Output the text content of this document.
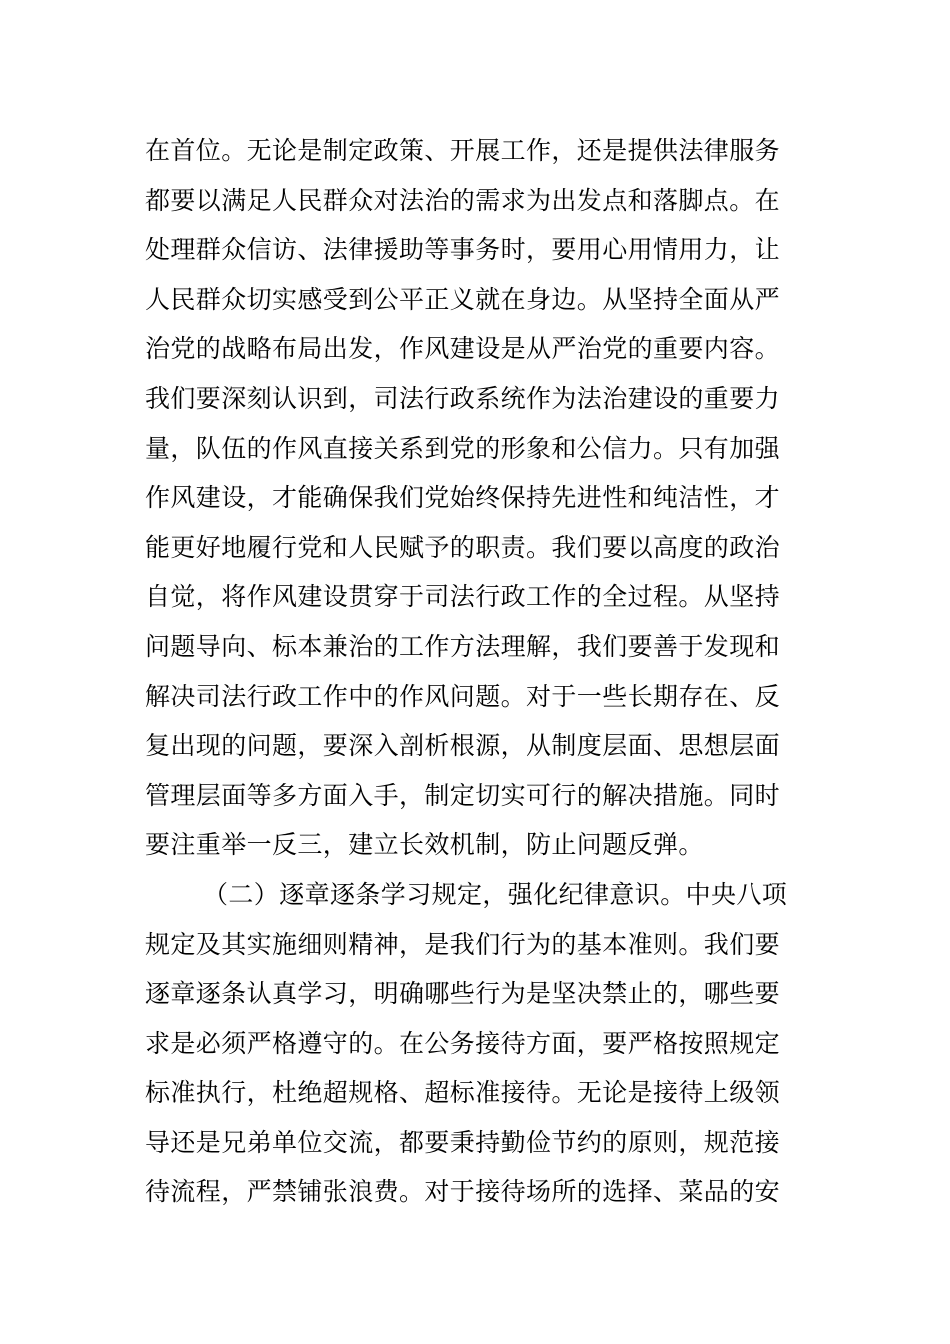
在首位。无论是制定政策、开展工作，还是提供法律服务
都要以满足人民群众对法治的需求为出发点和落脚点。在
处理群众信访、法律援助等事务时，要用心用情用力，让
人民群众切实感受到公平正义就在身边。从坚持全面从严
治党的战略布局出发，作风建设是从严治党的重要内容。
我们要深刻认识到，司法行政系统作为法治建设的重要力
量，队伍的作风直接关系到党的形象和公信力。只有加强
作风建设，才能确保我们党始终保持先进性和纯洁性，才
能更好地履行党和人民赋予的职责。我们要以高度的政治
自觉，将作风建设贯穿于司法行政工作的全过程。从坚持
问题导向、标本兼治的工作方法理解，我们要善于发现和
解决司法行政工作中的作风问题。对于一些长期存在、反
复出现的问题，要深入剖析根源，从制度层面、思想层面
管理层面等多方面入手，制定切实可行的解决措施。同时
要注重举一反三，建立长效机制，防止问题反弹。
（二）逐章逐条学习规定，强化纪律意识。中央八项
规定及其实施细则精神，是我们行为的基本准则。我们要
逐章逐条认真学习，明确哪些行为是坚决禁止的，哪些要
求是必须严格遵守的。在公务接待方面，要严格按照规定
标准执行，杜绝超规格、超标准接待。无论是接待上级领
导还是兄弟单位交流，都要秉持勤俭节约的原则，规范接
待流程，严禁铺张浪费。对于接待场所的选择、菜品的安
